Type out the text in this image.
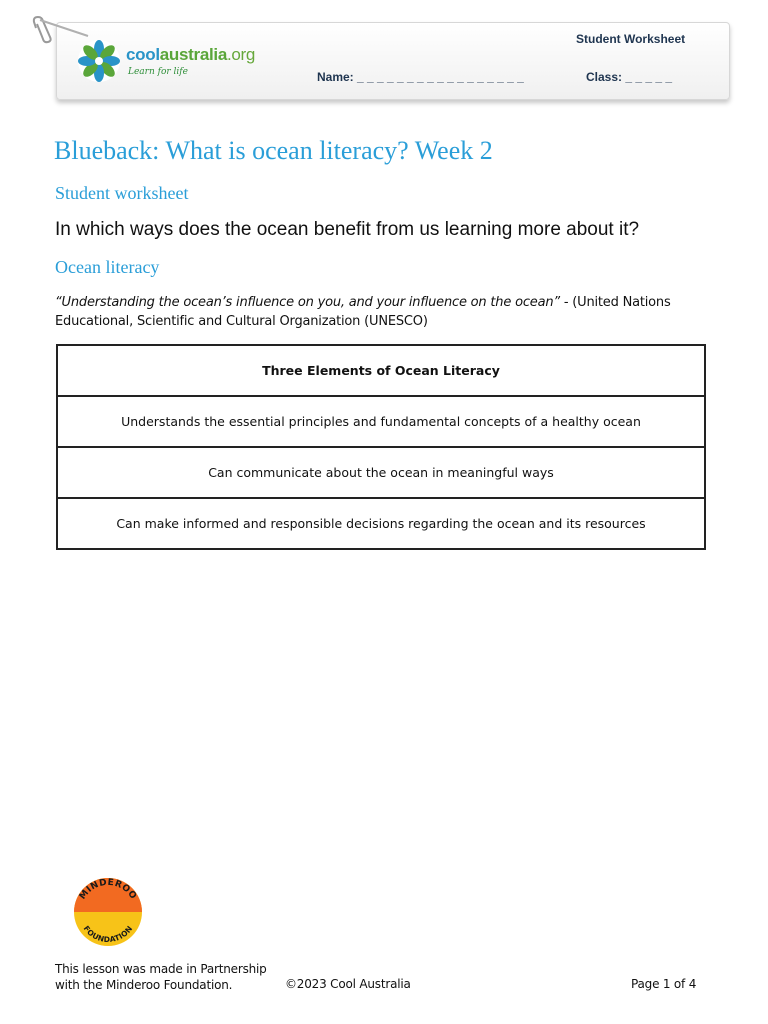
coolaustralia.org
Learn for life
Student Worksheet
Name: _ _ _ _ _ _ _ _ _ _ _ _ _ _ _ _ _	Class: _ _ _ _ _
Blueback: What is ocean literacy? Week 2
Student worksheet
In which ways does the ocean benefit from us learning more about it?
Ocean literacy
“Understanding the ocean’s influence on you, and your influence on the ocean” - (United Nations Educational, Scientific and Cultural Organization (UNESCO)
Three Elements of Ocean Literacy
Understands the essential principles and fundamental concepts of a healthy ocean
Can communicate about the ocean in meaningful ways
Can make informed and responsible decisions regarding the ocean and its resources
MINDEROO
FOUNDATION
This lesson was made in Partnership
with the Minderoo Foundation.	©2023 Cool Australia	Page 1 of 4
